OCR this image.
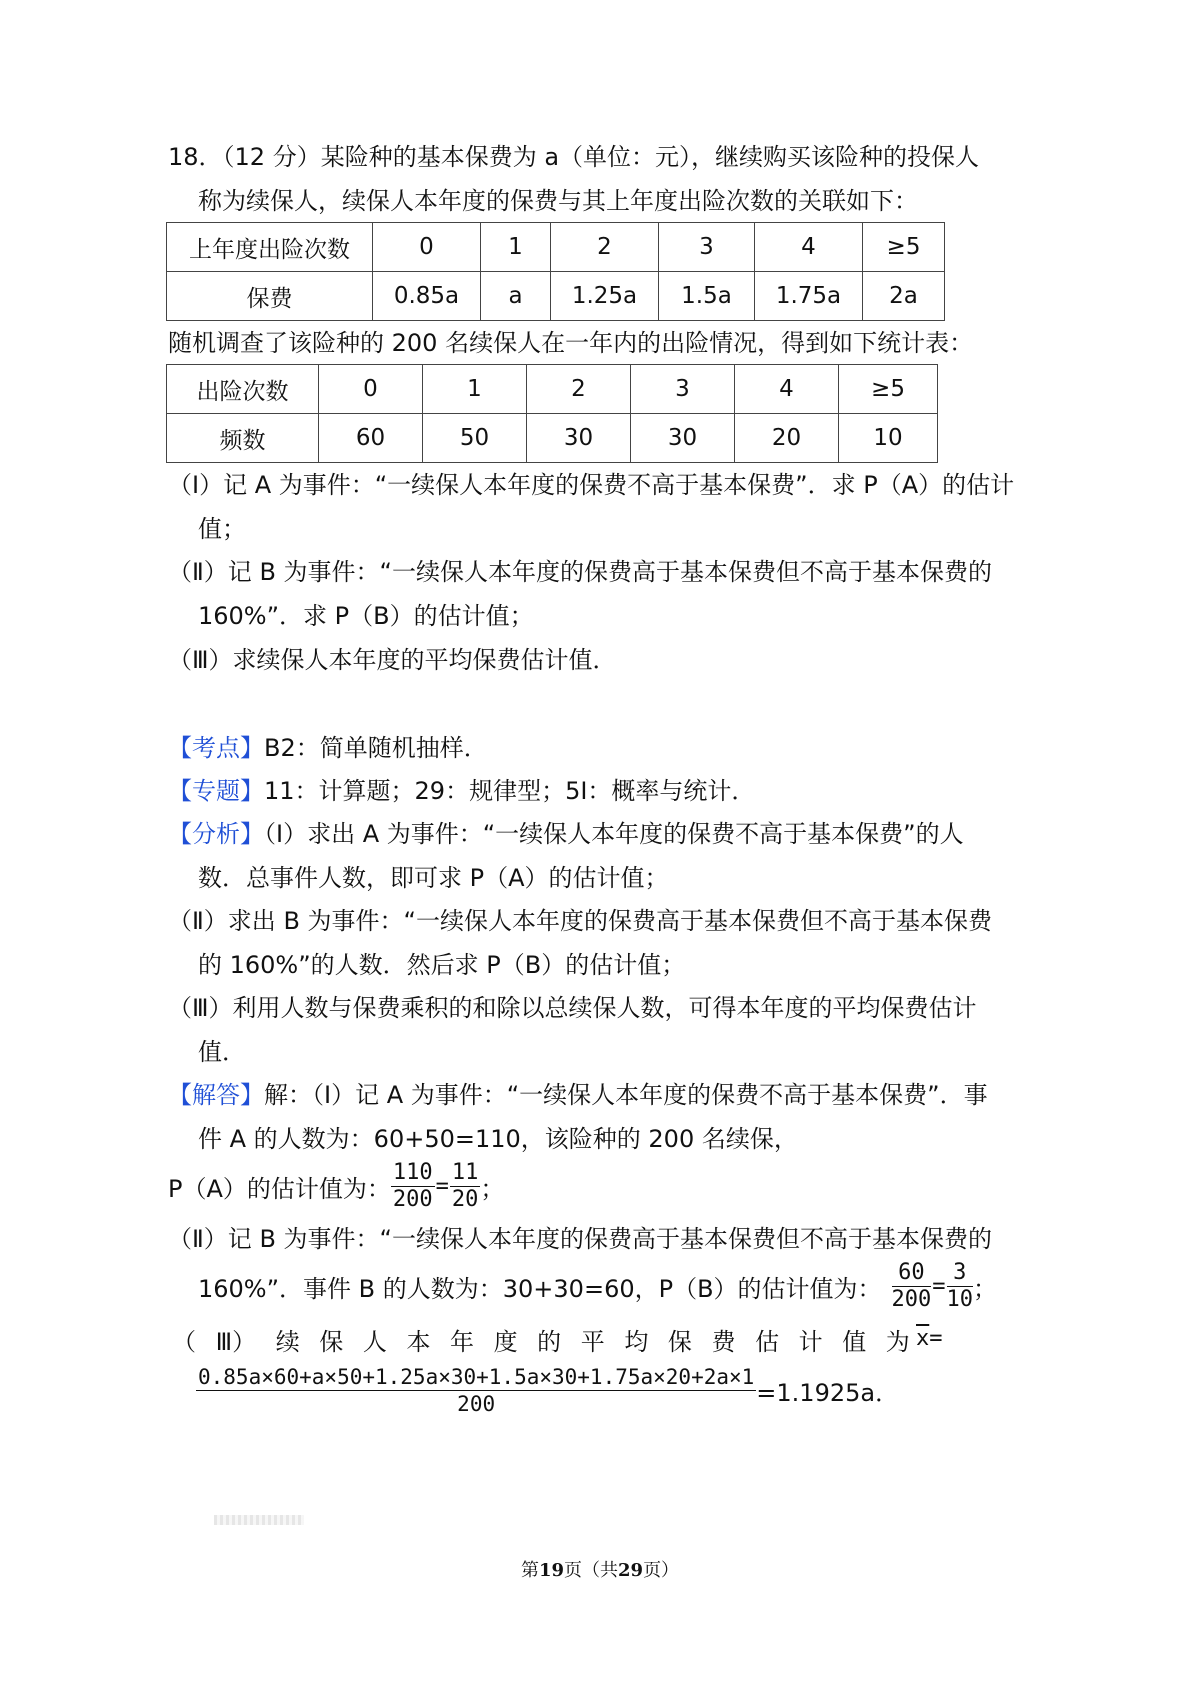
18．（12 分）某险种的基本保费为 a（单位：元），继续购买该险种的投保人
称为续保人，续保人本年度的保费与其上年度出险次数的关联如下：
上年度出险次数	0	1	2	3	4	≥5
保费	0.85a	a	1.25a	1.5a	1.75a	2a
随机调查了该险种的 200 名续保人在一年内的出险情况，得到如下统计表：
出险次数	0	1	2	3	4	≥5
频数	60	50	30	30	20	10
（I）记 A 为事件：“一续保人本年度的保费不高于基本保费”．求 P（A）的估计
值；
（Ⅱ）记 B 为事件：“一续保人本年度的保费高于基本保费但不高于基本保费的
160%”．求 P（B）的估计值；
（Ⅲ）求续保人本年度的平均保费估计值．
【考点】B2：简单随机抽样．
【专题】11：计算题；29：规律型；5I：概率与统计．
【分析】（I）求出 A 为事件：“一续保人本年度的保费不高于基本保费”的人
数．总事件人数，即可求 P（A）的估计值；
（Ⅱ）求出 B 为事件：“一续保人本年度的保费高于基本保费但不高于基本保费
的 160%”的人数．然后求 P（B）的估计值；
（Ⅲ）利用人数与保费乘积的和除以总续保人数，可得本年度的平均保费估计
值．
【解答】解：（I）记 A 为事件：“一续保人本年度的保费不高于基本保费”．事
件 A 的人数为：60+50=110，该险种的 200 名续保，
P（A）的估计值为： $\frac{110}{200} = \frac{11}{20}$ ；
（Ⅱ）记 B 为事件：“一续保人本年度的保费高于基本保费但不高于基本保费的
160%”．事件 B 的人数为：30+30=60，P（B）的估计值为： $\frac{60}{200} = \frac{3}{10}$ ；
（ Ⅲ） 续 保 人 本 年 度 的 平 均 保 费 估 计 值 为 $\overline{x}=$
$\frac{0.85a\times 60+a\times 50+1.25a\times 30+1.5a\times 30+1.75a\times 20+2a\times 1}{200} =1.1925a$．
第19页（共29页）
